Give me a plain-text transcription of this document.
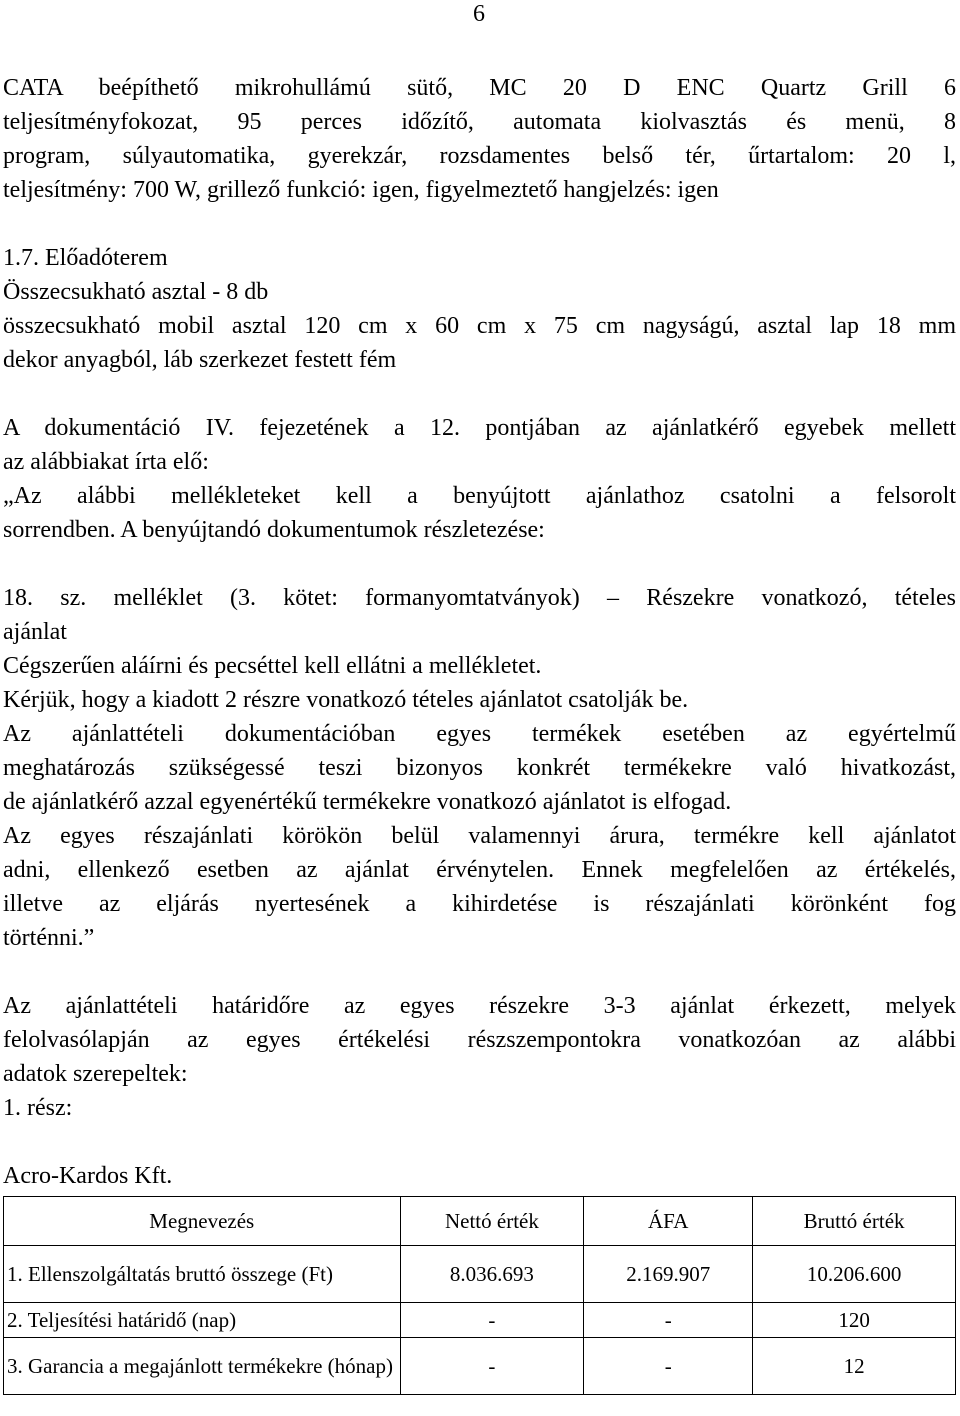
6
CATA beépíthető mikrohullámú sütő, MC 20 D ENC Quartz Grill 6
teljesítményfokozat, 95 perces időzítő, automata kiolvasztás és menü, 8
program, súlyautomatika, gyerekzár, rozsdamentes belső tér, űrtartalom: 20 l,
teljesítmény: 700 W, grillező funkció: igen, figyelmeztető hangjelzés: igen
1.7. Előadóterem
Összecsukható asztal - 8 db
összecsukható mobil asztal 120 cm x 60 cm x 75 cm nagyságú, asztal lap 18 mm
dekor anyagból, láb szerkezet festett fém
A dokumentáció IV. fejezetének a 12. pontjában az ajánlatkérő egyebek mellett
az alábbiakat írta elő:
„Az alábbi mellékleteket kell a benyújtott ajánlathoz csatolni a felsorolt
sorrendben. A benyújtandó dokumentumok részletezése:
18. sz. melléklet (3. kötet: formanyomtatványok) – Részekre vonatkozó, tételes
ajánlat
Cégszerűen aláírni és pecséttel kell ellátni a mellékletet.
Kérjük, hogy a kiadott 2 részre vonatkozó tételes ajánlatot csatolják be.
Az ajánlattételi dokumentációban egyes termékek esetében az egyértelmű
meghatározás szükségessé teszi bizonyos konkrét termékekre való hivatkozást,
de ajánlatkérő azzal egyenértékű termékekre vonatkozó ajánlatot is elfogad.
Az egyes részajánlati körökön belül valamennyi árura, termékre kell ajánlatot
adni, ellenkező esetben az ajánlat érvénytelen. Ennek megfelelően az értékelés,
illetve az eljárás nyertesének a kihirdetése is részajánlati körönként fog
történni.”
Az ajánlattételi határidőre az egyes részekre 3-3 ajánlat érkezett, melyek
felolvasólapján az egyes értékelési részszempontokra vonatkozóan az alábbi
adatok szerepeltek:
1. rész:
Acro-Kardos Kft.
Megnevezés	Nettó érték	ÁFA	Bruttó érték
1. Ellenszolgáltatás bruttó összege (Ft)	8.036.693	2.169.907	10.206.600
2. Teljesítési határidő (nap)	-	-	120
3. Garancia a megajánlott termékekre (hónap)	-	-	12
